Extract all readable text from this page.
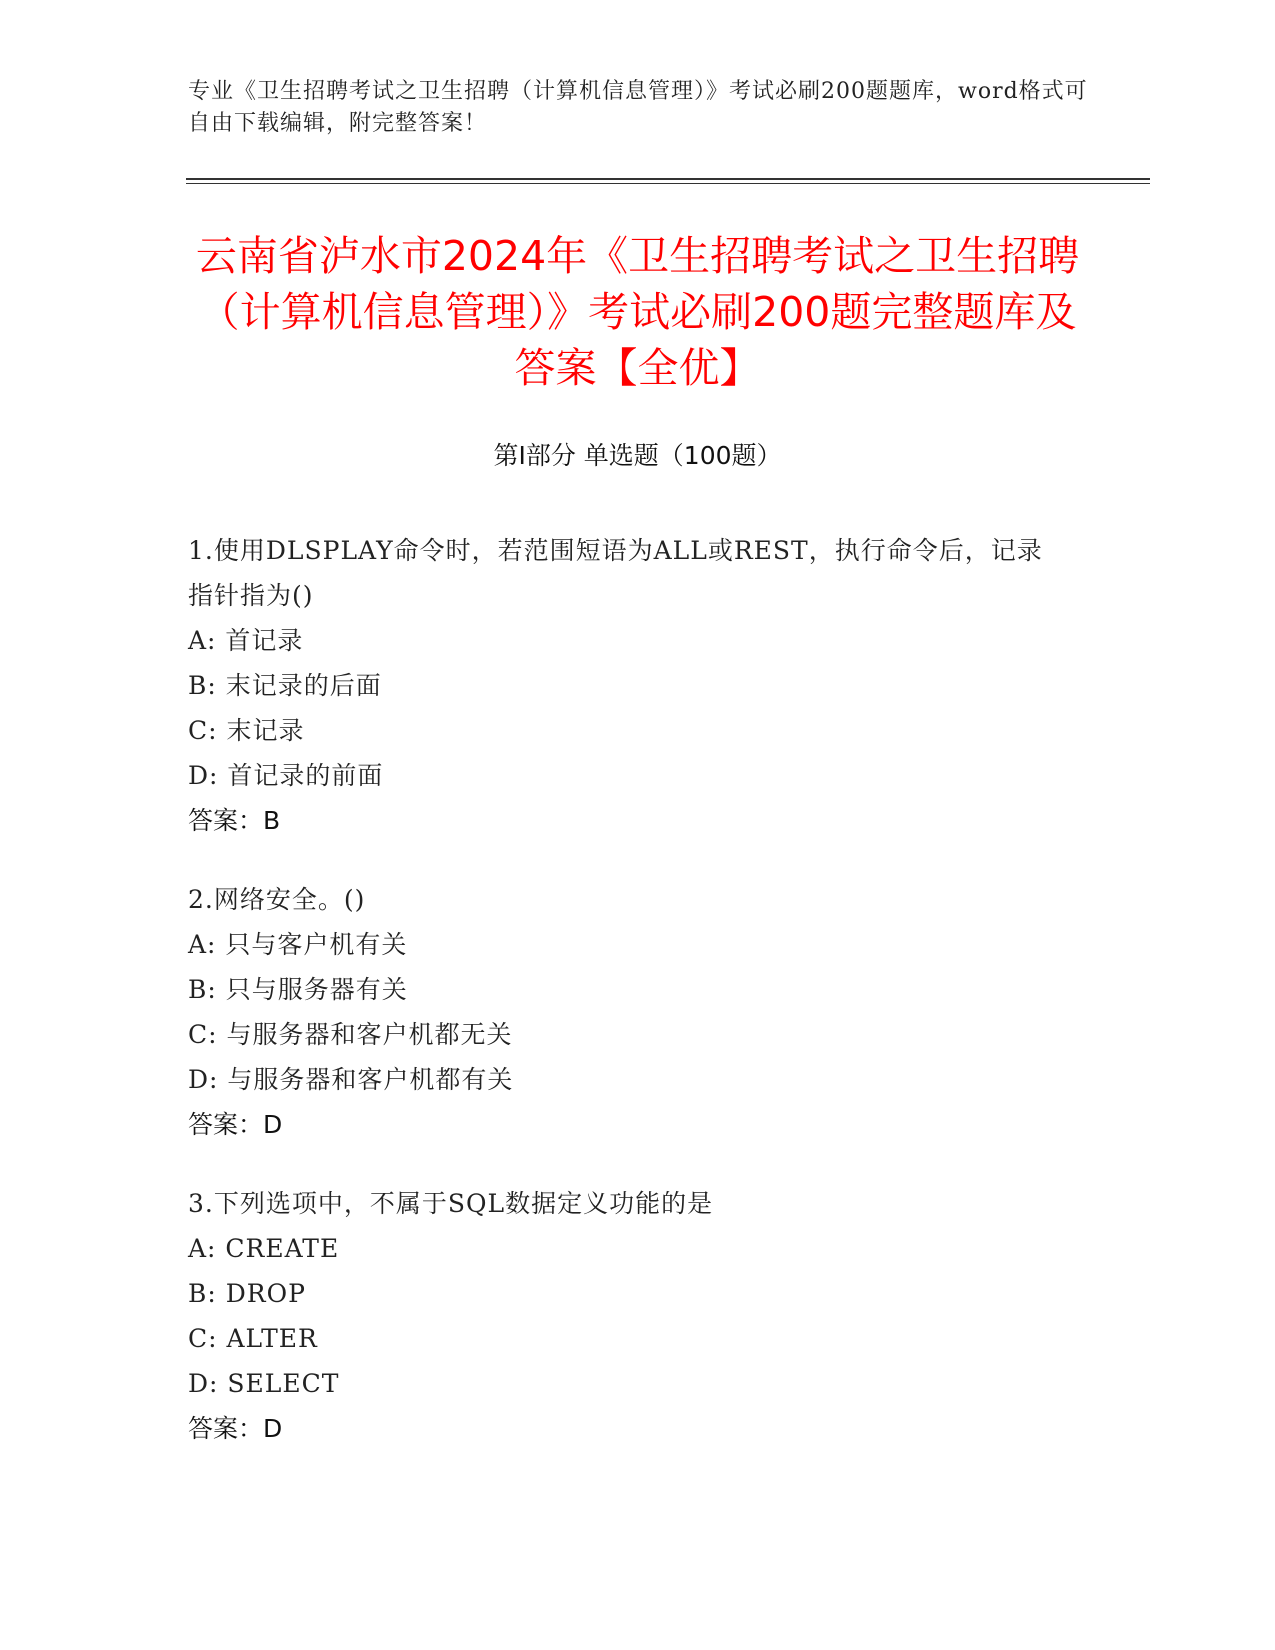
专业《卫生招聘考试之卫生招聘（计算机信息管理）》考试必刷200题题库，word格式可自由下载编辑，附完整答案！
云南省泸水市2024年《卫生招聘考试之卫生招聘（计算机信息管理）》考试必刷200题完整题库及答案【全优】
第Ⅰ部分 单选题（100题）
1.使用DLSPLAY命令时，若范围短语为ALL或REST，执行命令后，记录指针指为()
A: 首记录
B: 末记录的后面
C: 末记录
D: 首记录的前面
答案：B
2.网络安全。()
A: 只与客户机有关
B: 只与服务器有关
C: 与服务器和客户机都无关
D: 与服务器和客户机都有关
答案：D
3.下列选项中，不属于SQL数据定义功能的是
A: CREATE
B: DROP
C: ALTER
D: SELECT
答案：D
